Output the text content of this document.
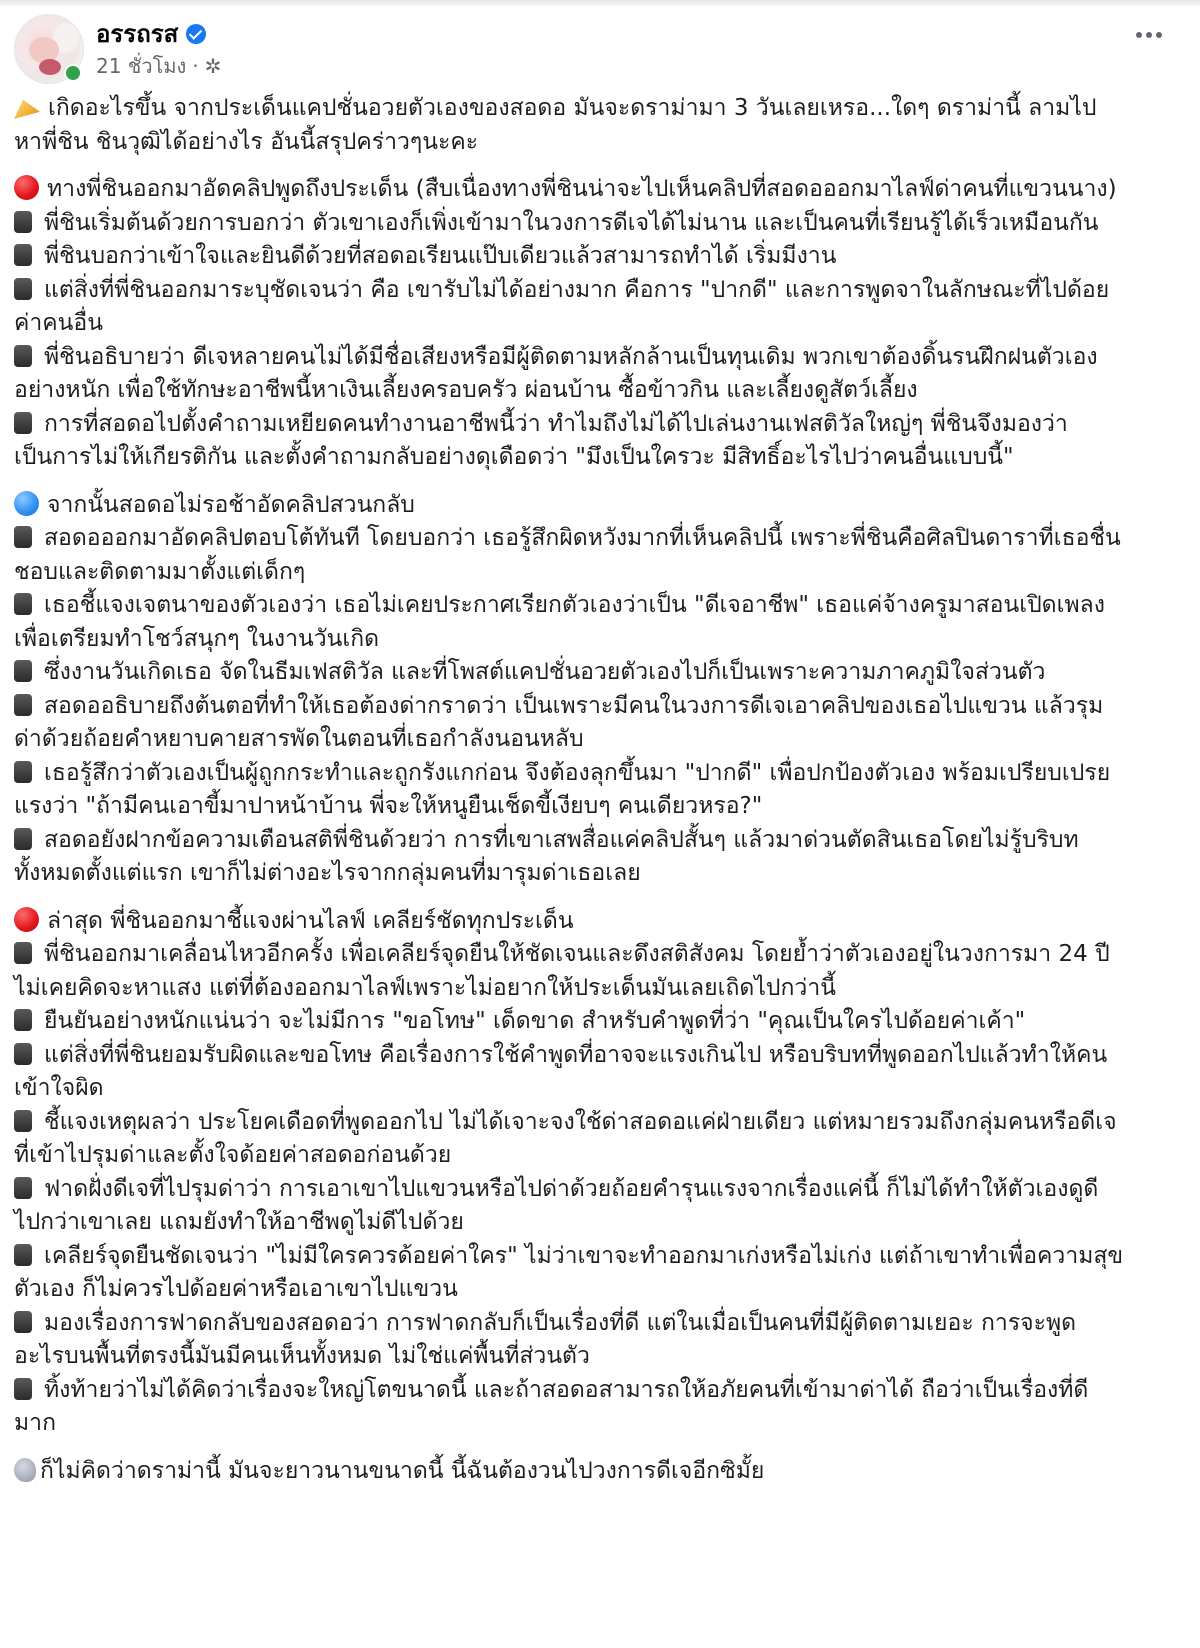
อรรถรส
21 ชั่วโมง · ✲

เกิดอะไรขึ้น จากประเด็นแคปชั่นอวยตัวเองของสอดอ มันจะดราม่ามา 3 วันเลยเหรอ...ใดๆ ดราม่านี้ ลามไปหาพี่ชิน ชินวุฒิได้อย่างไร อันนี้สรุปคร่าวๆนะคะ

ทางพี่ชินออกมาอัดคลิปพูดถึงประเด็น (สืบเนื่องทางพี่ชินน่าจะไปเห็นคลิปที่สอดอออกมาไลฟ์ด่าคนที่แขวนนาง)

พี่ชินเริ่มต้นด้วยการบอกว่า ตัวเขาเองก็เพิ่งเข้ามาในวงการดีเจได้ไม่นาน และเป็นคนที่เรียนรู้ได้เร็วเหมือนกัน

พี่ชินบอกว่าเข้าใจและยินดีด้วยที่สอดอเรียนแป๊บเดียวแล้วสามารถทำได้ เริ่มมีงาน

แต่สิ่งที่พี่ชินออกมาระบุชัดเจนว่า คือ เขารับไม่ได้อย่างมาก คือการ "ปากดี" และการพูดจาในลักษณะที่ไปด้อยค่าคนอื่น

พี่ชินอธิบายว่า ดีเจหลายคนไม่ได้มีชื่อเสียงหรือมีผู้ติดตามหลักล้านเป็นทุนเดิม พวกเขาต้องดิ้นรนฝึกฝนตัวเองอย่างหนัก เพื่อใช้ทักษะอาชีพนี้หาเงินเลี้ยงครอบครัว ผ่อนบ้าน ซื้อข้าวกิน และเลี้ยงดูสัตว์เลี้ยง

การที่สอดอไปตั้งคำถามเหยียดคนทำงานอาชีพนี้ว่า ทำไมถึงไม่ได้ไปเล่นงานเฟสติวัลใหญ่ๆ พี่ชินจึงมองว่าเป็นการไม่ให้เกียรติกัน และตั้งคำถามกลับอย่างดุเดือดว่า "มึงเป็นใครวะ มีสิทธิ์อะไรไปว่าคนอื่นแบบนี้"

จากนั้นสอดอไม่รอช้าอัดคลิปสวนกลับ

สอดอออกมาอัดคลิปตอบโต้ทันที โดยบอกว่า เธอรู้สึกผิดหวังมากที่เห็นคลิปนี้ เพราะพี่ชินคือศิลปินดาราที่เธอชื่นชอบและติดตามมาตั้งแต่เด็กๆ

เธอชี้แจงเจตนาของตัวเองว่า เธอไม่เคยประกาศเรียกตัวเองว่าเป็น "ดีเจอาชีพ" เธอแค่จ้างครูมาสอนเปิดเพลงเพื่อเตรียมทำโชว์สนุกๆ ในงานวันเกิด

ซึ่งงานวันเกิดเธอ จัดในธีมเฟสติวัล และที่โพสต์แคปชั่นอวยตัวเองไปก็เป็นเพราะความภาคภูมิใจส่วนตัว

สอดออธิบายถึงต้นตอที่ทำให้เธอต้องด่ากราดว่า เป็นเพราะมีคนในวงการดีเจเอาคลิปของเธอไปแขวน แล้วรุมด่าด้วยถ้อยคำหยาบคายสารพัดในตอนที่เธอกำลังนอนหลับ

เธอรู้สึกว่าตัวเองเป็นผู้ถูกกระทำและถูกรังแกก่อน จึงต้องลุกขึ้นมา "ปากดี" เพื่อปกป้องตัวเอง พร้อมเปรียบเปรยแรงว่า "ถ้ามีคนเอาขี้มาปาหน้าบ้าน พี่จะให้หนูยืนเช็ดขี้เงียบๆ คนเดียวหรอ?"

สอดอยังฝากข้อความเตือนสติพี่ชินด้วยว่า การที่เขาเสพสื่อแค่คลิปสั้นๆ แล้วมาด่วนตัดสินเธอโดยไม่รู้บริบททั้งหมดตั้งแต่แรก เขาก็ไม่ต่างอะไรจากกลุ่มคนที่มารุมด่าเธอเลย

ล่าสุด พี่ชินออกมาชี้แจงผ่านไลฟ์ เคลียร์ชัดทุกประเด็น

พี่ชินออกมาเคลื่อนไหวอีกครั้ง เพื่อเคลียร์จุดยืนให้ชัดเจนและดึงสติสังคม โดยย้ำว่าตัวเองอยู่ในวงการมา 24 ปี ไม่เคยคิดจะหาแสง แต่ที่ต้องออกมาไลฟ์เพราะไม่อยากให้ประเด็นมันเลยเถิดไปกว่านี้

ยืนยันอย่างหนักแน่นว่า จะไม่มีการ "ขอโทษ" เด็ดขาด สำหรับคำพูดที่ว่า "คุณเป็นใครไปด้อยค่าเค้า"

แต่สิ่งที่พี่ชินยอมรับผิดและขอโทษ คือเรื่องการใช้คำพูดที่อาจจะแรงเกินไป หรือบริบทที่พูดออกไปแล้วทำให้คนเข้าใจผิด

ชี้แจงเหตุผลว่า ประโยคเดือดที่พูดออกไป ไม่ได้เจาะจงใช้ด่าสอดอแค่ฝ่ายเดียว แต่หมายรวมถึงกลุ่มคนหรือดีเจที่เข้าไปรุมด่าและตั้งใจด้อยค่าสอดอก่อนด้วย

ฟาดฝั่งดีเจที่ไปรุมด่าว่า การเอาเขาไปแขวนหรือไปด่าด้วยถ้อยคำรุนแรงจากเรื่องแค่นี้ ก็ไม่ได้ทำให้ตัวเองดูดีไปกว่าเขาเลย แถมยังทำให้อาชีพดูไม่ดีไปด้วย

เคลียร์จุดยืนชัดเจนว่า "ไม่มีใครควรด้อยค่าใคร" ไม่ว่าเขาจะทำออกมาเก่งหรือไม่เก่ง แต่ถ้าเขาทำเพื่อความสุขตัวเอง ก็ไม่ควรไปด้อยค่าหรือเอาเขาไปแขวน

มองเรื่องการฟาดกลับของสอดอว่า การฟาดกลับก็เป็นเรื่องที่ดี แต่ในเมื่อเป็นคนที่มีผู้ติดตามเยอะ การจะพูดอะไรบนพื้นที่ตรงนี้มันมีคนเห็นทั้งหมด ไม่ใช่แค่พื้นที่ส่วนตัว

ทิ้งท้ายว่าไม่ได้คิดว่าเรื่องจะใหญ่โตขนาดนี้ และถ้าสอดอสามารถให้อภัยคนที่เข้ามาด่าได้ ถือว่าเป็นเรื่องที่ดีมาก

ก็ไม่คิดว่าดราม่านี้ มันจะยาวนานขนาดนี้ นี้ฉันต้องวนไปวงการดีเจอีกซิมั้ย
